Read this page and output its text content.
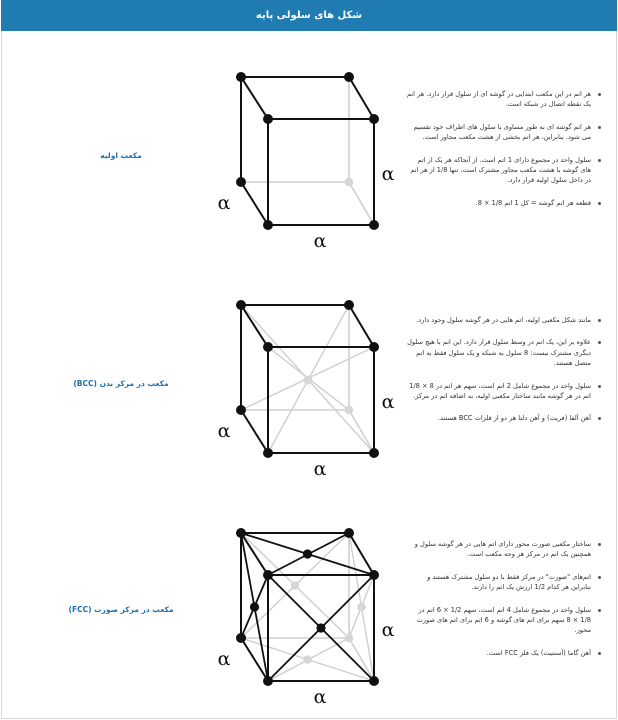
شکل های سلولی پایه
مکعب اولیه
α
α
α
هر اتم در این مکعب ابتدایی در گوشه ای از سلول قرار دارد. هر اتم یک نقطه اتصال در شبکه است.
هر اتم گوشه ای به طور مساوی با سلول های اطراف خود تقسیم می شود. بنابراین، هر اتم بخشی از هشت مکعب مجاور است.
سلول واحد در مجموع دارای 1 اتم است. از آنجاکه هر یک از اتم های گوشه با هشت مکعب مجاور مشترک است، تنها 1/8 از هر اتم در داخل سلول اولیه قرار دارد.
قطعه هر اتم گوشه = کل 1 اتم 1/8 × 8.
مکعب در مرکز بدن (BCC)
α
α
α
مانند شکل مکعبی اولیه، اتم هایی در هر گوشه سلول وجود دارد.
علاوه بر این، یک اتم در وسط سلول قرار دارد. این اتم با هیچ سلول دیگری مشترک نیست: 8 سلول به شبکه و یک سلول فقط به اتم متصل هستند.
سلول واحد در مجموع شامل 2 اتم است، سهم هر اتم در 8 × 1/8 اتم در هر گوشه مانند ساختار مکعبی اولیه، به اضافه اتم در مرکز.
آهن آلفا (فریت) و آهن دلتا هر دو از فلزات BCC هستند.
مکعب در مرکز صورت (FCC)
α
α
α
ساختار مکعبی صورت محور دارای اتم هایی در هر گوشه سلول و همچنین یک اتم در مرکز هر وجه مکعب است.
اتم‌های "صورت" در مرکز فقط با دو سلول مشترک هستند و بنابراین هر کدام 1/2 ارزش یک اتم را دارند.
سلول واحد در مجموع شامل 4 اتم است، سهم 1/2 × 6 اتم در 1/8 × 8 سهم برای اتم های گوشه و 6 اتم برای اتم های صورت محور.
آهن گاما (آستنیت) یک فلز FCC است.
